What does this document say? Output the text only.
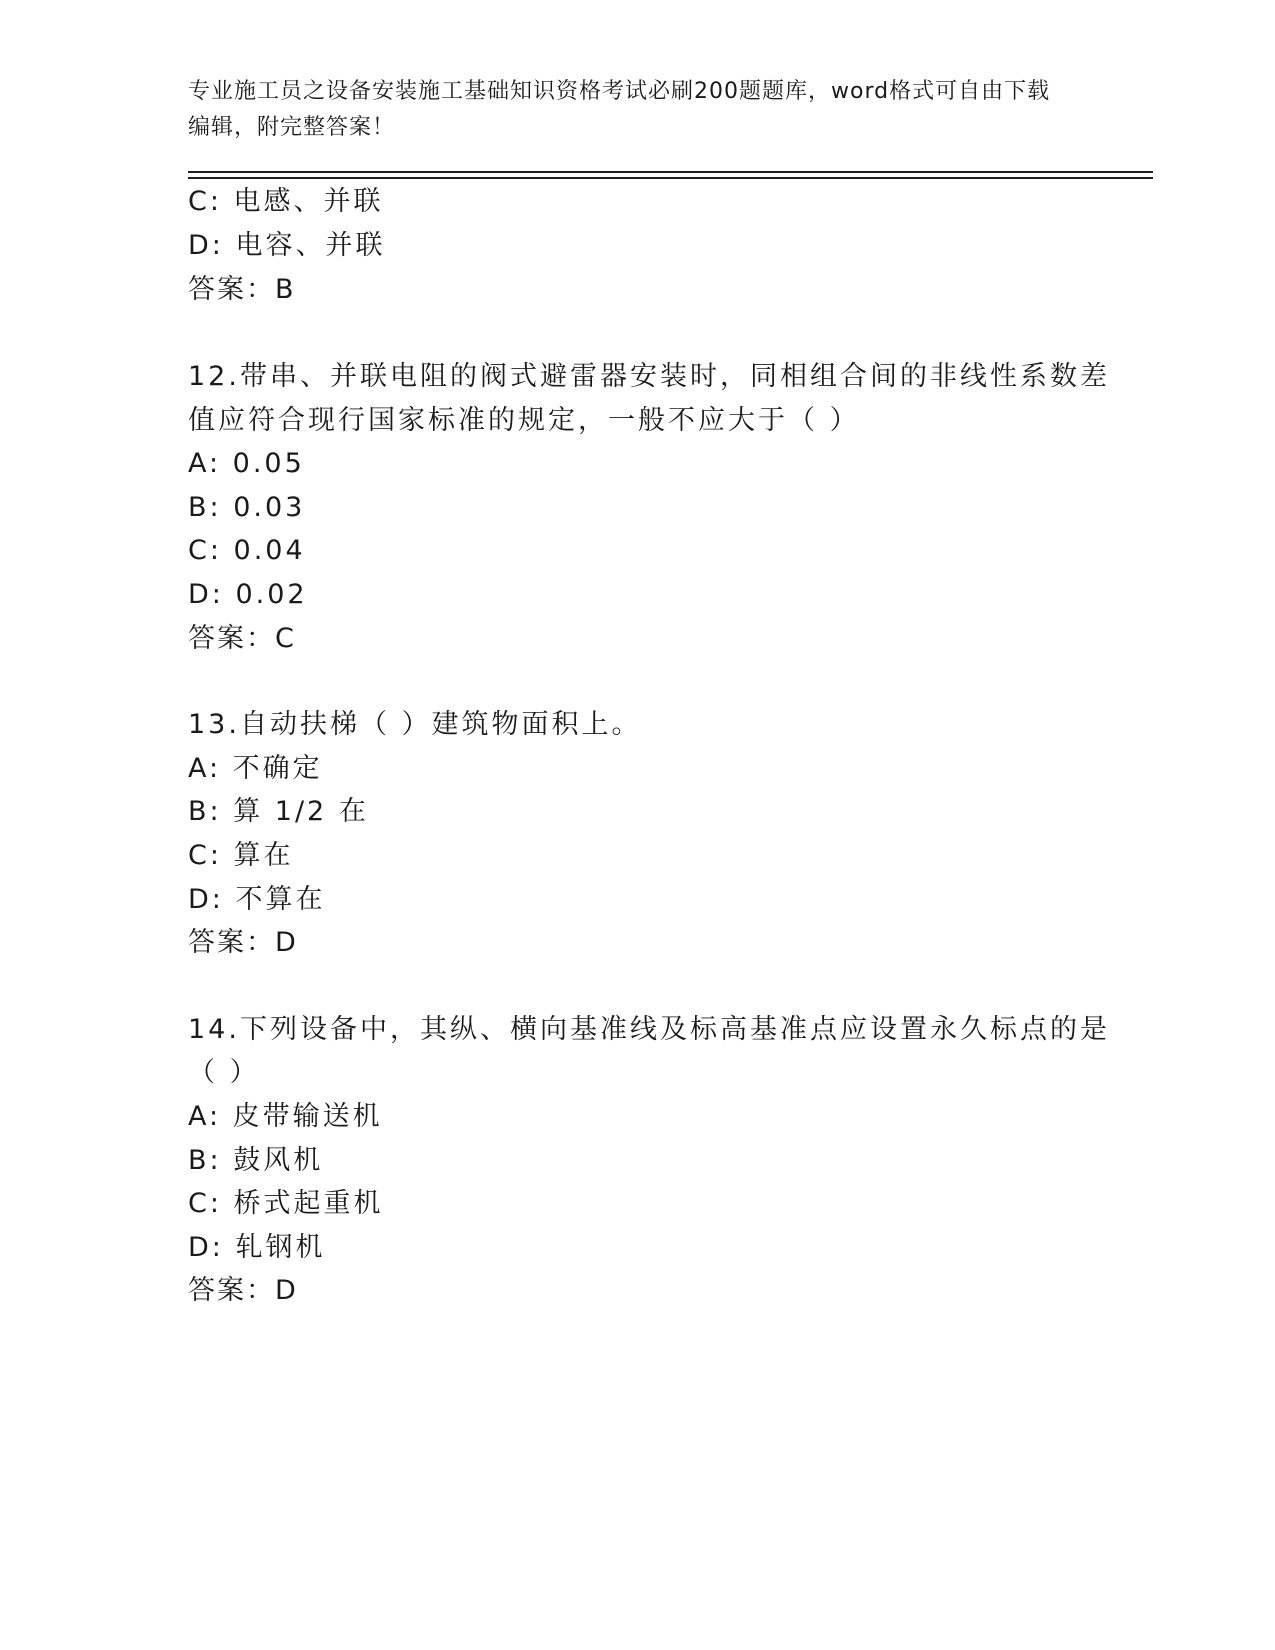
专业施工员之设备安装施工基础知识资格考试必刷200题题库，word格式可自由下载编辑，附完整答案！
C: 电感、并联
D: 电容、并联
答案：B
12.带串、并联电阻的阀式避雷器安装时，同相组合间的非线性系数差
值应符合现行国家标准的规定，一般不应大于（ ）
A: 0.05
B: 0.03
C: 0.04
D: 0.02
答案：C
13.自动扶梯（ ）建筑物面积上。
A: 不确定
B: 算 1/2 在
C: 算在
D: 不算在
答案：D
14.下列设备中，其纵、横向基准线及标高基准点应设置永久标点的是
（ ）
A: 皮带输送机
B: 鼓风机
C: 桥式起重机
D: 轧钢机
答案：D
